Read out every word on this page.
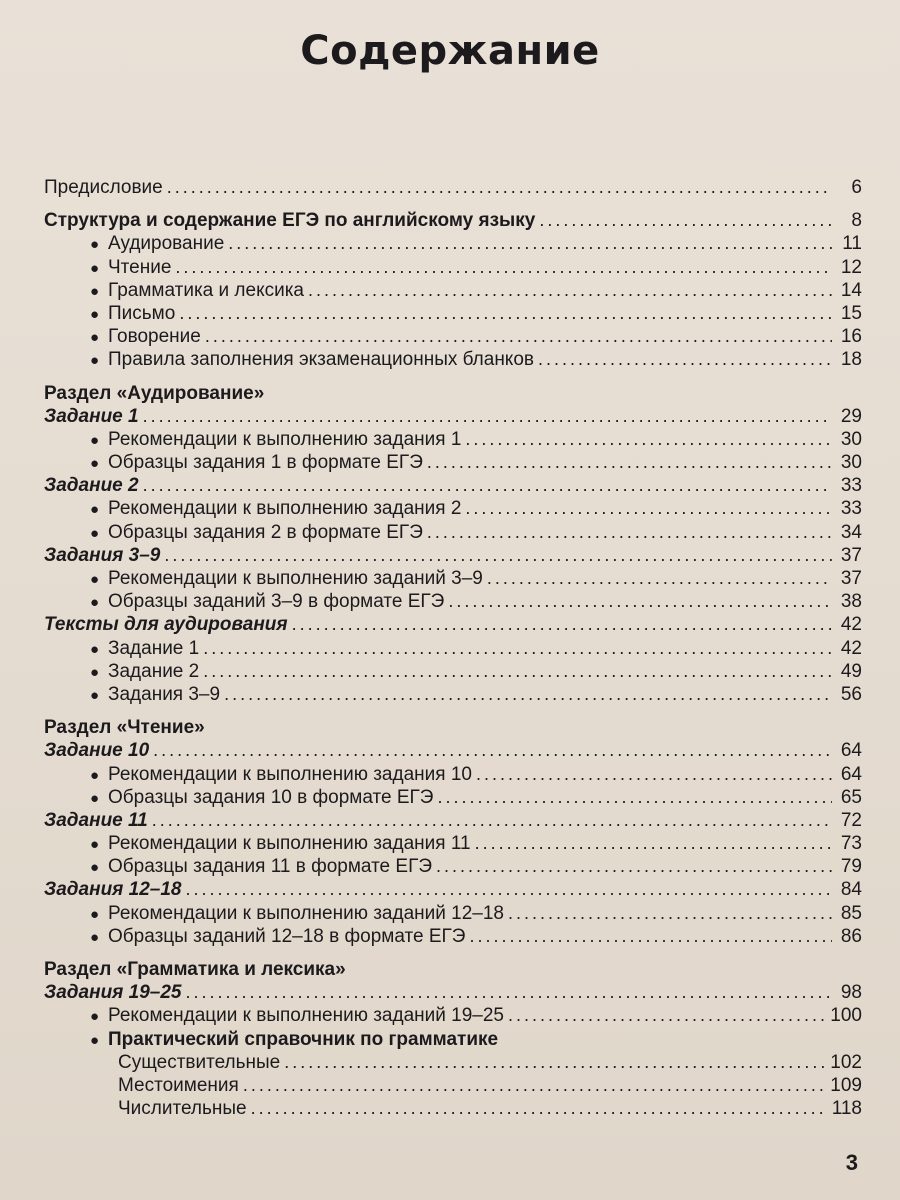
Содержание
Предисловие .....	6
Структура и содержание ЕГЭ по английскому языку .....	8
● Аудирование .....	11
● Чтение .....	12
● Грамматика и лексика .....	14
● Письмо .....	15
● Говорение .....	16
● Правила заполнения экзаменационных бланков .....	18
Раздел «Аудирование»
Задание 1 .....	29
● Рекомендации к выполнению задания 1 .....	30
● Образцы задания 1 в формате ЕГЭ .....	30
Задание 2 .....	33
● Рекомендации к выполнению задания 2 .....	33
● Образцы задания 2 в формате ЕГЭ .....	34
Задания 3–9 .....	37
● Рекомендации к выполнению заданий 3–9 .....	37
● Образцы заданий 3–9 в формате ЕГЭ .....	38
Тексты для аудирования .....	42
● Задание 1 .....	42
● Задание 2 .....	49
● Задания 3–9 .....	56
Раздел «Чтение»
Задание 10 .....	64
● Рекомендации к выполнению задания 10 .....	64
● Образцы задания 10 в формате ЕГЭ .....	65
Задание 11 .....	72
● Рекомендации к выполнению задания 11 .....	73
● Образцы задания 11 в формате ЕГЭ .....	79
Задания 12–18 .....	84
● Рекомендации к выполнению заданий 12–18 .....	85
● Образцы заданий 12–18 в формате ЕГЭ .....	86
Раздел «Грамматика и лексика»
Задания 19–25 .....	98
● Рекомендации к выполнению заданий 19–25 .....	100
● Практический справочник по грамматике
Существительные .....	102
Местоимения .....	109
Числительные .....	118
3
